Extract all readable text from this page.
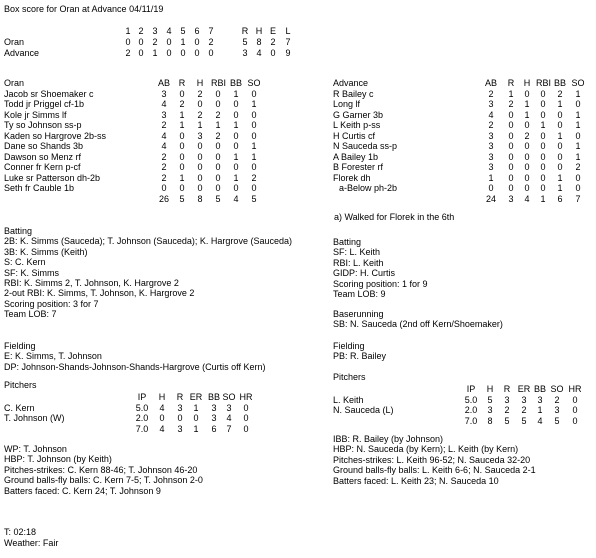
Box score for Oran at Advance 04/11/19
1 2 3 4 5 6 7	R H E	L
Oran	0 0 2 0 1 0 2	5 8 2	7
Advance	2 0 1 0 0 0 0	3 4 0	9
Oran	AB R	H RBI BB SO
Jacob sr Shoemaker c	3	0	2	0	1	0
Todd jr Priggel cf-1b	4	2	0	0	0	1
Kole jr Simms lf	3	1	2	2	0	0
Ty so Johnson ss-p	2	1	1	1	1	0
Kaden so Hargrove 2b-ss	4	0	3	2	0	0
Dane so Shands 3b	4	0	0	0	0	1
Dawson so Menz rf	2	0	0	0	1	1
Conner fr Kern p-cf	2	0	0	0	0	0
Luke sr Patterson dh-2b	2	1	0	0	1	2
Seth fr Cauble 1b	0	0	0	0	0	0
26	5	8	5	4	5
Advance	AB	R	H RBI BB SO
R Bailey c	2	1	0	0	2	1
Long lf	3	2	1	0	1	0
G Garner 3b	4	0	1	0	0	1
L Keith p-ss	2	0	0	1	0	1
H Curtis cf	3	0	2	0	1	0
N Sauceda ss-p	3	0	0	0	0	1
A Bailey 1b	3	0	0	0	0	1
B Forester rf	3	0	0	0	0	2
Florek dh	1	0	0	0	1	0
a-Below ph-2b	0	0	0	0	1	0
24	3	4	1	6	7
a) Walked for Florek in the 6th
Batting
2B: K. Simms (Sauceda); T. Johnson (Sauceda); K. Hargrove (Sauceda)
3B: K. Simms (Keith)
S: C. Kern
SF: K. Simms
RBI: K. Simms 2, T. Johnson, K. Hargrove 2
2-out RBI: K. Simms, T. Johnson, K. Hargrove 2
Scoring position: 3 for 7
Team LOB: 7
Batting
SF: L. Keith
RBI: L. Keith
GIDP: H. Curtis
Scoring position: 1 for 9
Team LOB: 9
Baserunning
SB: N. Sauceda (2nd off Kern/Shoemaker)
Fielding
E: K. Simms, T. Johnson
DP: Johnson-Shands-Johnson-Shands-Hargrove (Curtis off Kern)
Fielding
PB: R. Bailey
Pitchers
IP	H	R ER BB SO HR
C. Kern	5.0	4	3	1	3	3	0
T. Johnson (W)	2.0	0	0	0	3	4	0
7.0	4	3	1	6	7	0
Pitchers
IP	H	R ER BB SO HR
L. Keith	5.0	5	3	3	3	2	0
N. Sauceda (L)	2.0	3	2	2	1	3	0
7.0	8	5	5	4	5	0
WP: T. Johnson
HBP: T. Johnson (by Keith)
Pitches-strikes: C. Kern 88-46; T. Johnson 46-20
Ground balls-fly balls: C. Kern 7-5; T. Johnson 2-0
Batters faced: C. Kern 24; T. Johnson 9
IBB: R. Bailey (by Johnson)
HBP: N. Sauceda (by Kern); L. Keith (by Kern)
Pitches-strikes: L. Keith 96-52; N. Sauceda 32-20
Ground balls-fly balls: L. Keith 6-6; N. Sauceda 2-1
Batters faced: L. Keith 23; N. Sauceda 10
T: 02:18
Weather: Fair
